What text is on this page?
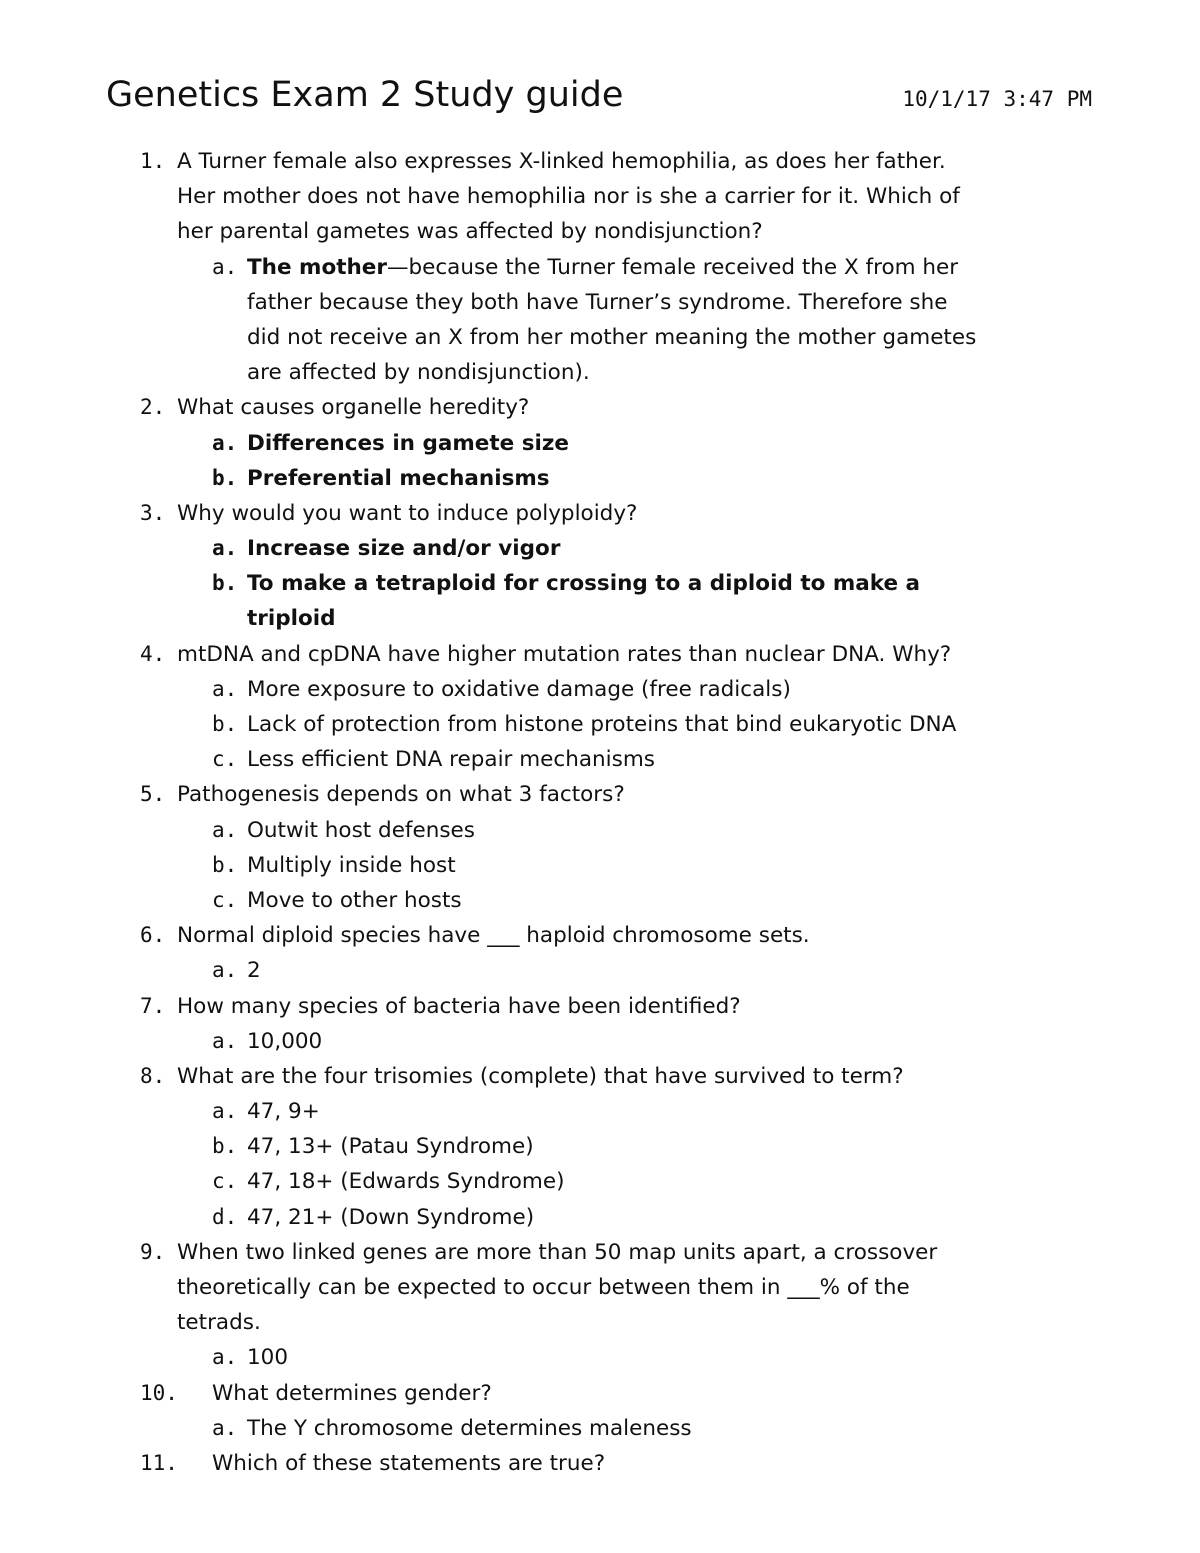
Genetics Exam 2 Study guide	10/1/17 3:47 PM
1. A Turner female also expresses X-linked hemophilia, as does her father.
Her mother does not have hemophilia nor is she a carrier for it. Which of
her parental gametes was affected by nondisjunction?
a. The mother—because the Turner female received the X from her
father because they both have Turner’s syndrome. Therefore she
did not receive an X from her mother meaning the mother gametes
are affected by nondisjunction).
2. What causes organelle heredity?
a. Differences in gamete size
b. Preferential mechanisms
3. Why would you want to induce polyploidy?
a. Increase size and/or vigor
b. To make a tetraploid for crossing to a diploid to make a
triploid
4. mtDNA and cpDNA have higher mutation rates than nuclear DNA. Why?
a. More exposure to oxidative damage (free radicals)
b. Lack of protection from histone proteins that bind eukaryotic DNA
c. Less efficient DNA repair mechanisms
5. Pathogenesis depends on what 3 factors?
a. Outwit host defenses
b. Multiply inside host
c. Move to other hosts
6. Normal diploid species have ___ haploid chromosome sets.
a. 2
7. How many species of bacteria have been identified?
a. 10,000
8. What are the four trisomies (complete) that have survived to term?
a. 47, 9+
b. 47, 13+ (Patau Syndrome)
c. 47, 18+ (Edwards Syndrome)
d. 47, 21+ (Down Syndrome)
9. When two linked genes are more than 50 map units apart, a crossover
theoretically can be expected to occur between them in ___% of the
tetrads.
a. 100
10. What determines gender?
a. The Y chromosome determines maleness
11. Which of these statements are true?
